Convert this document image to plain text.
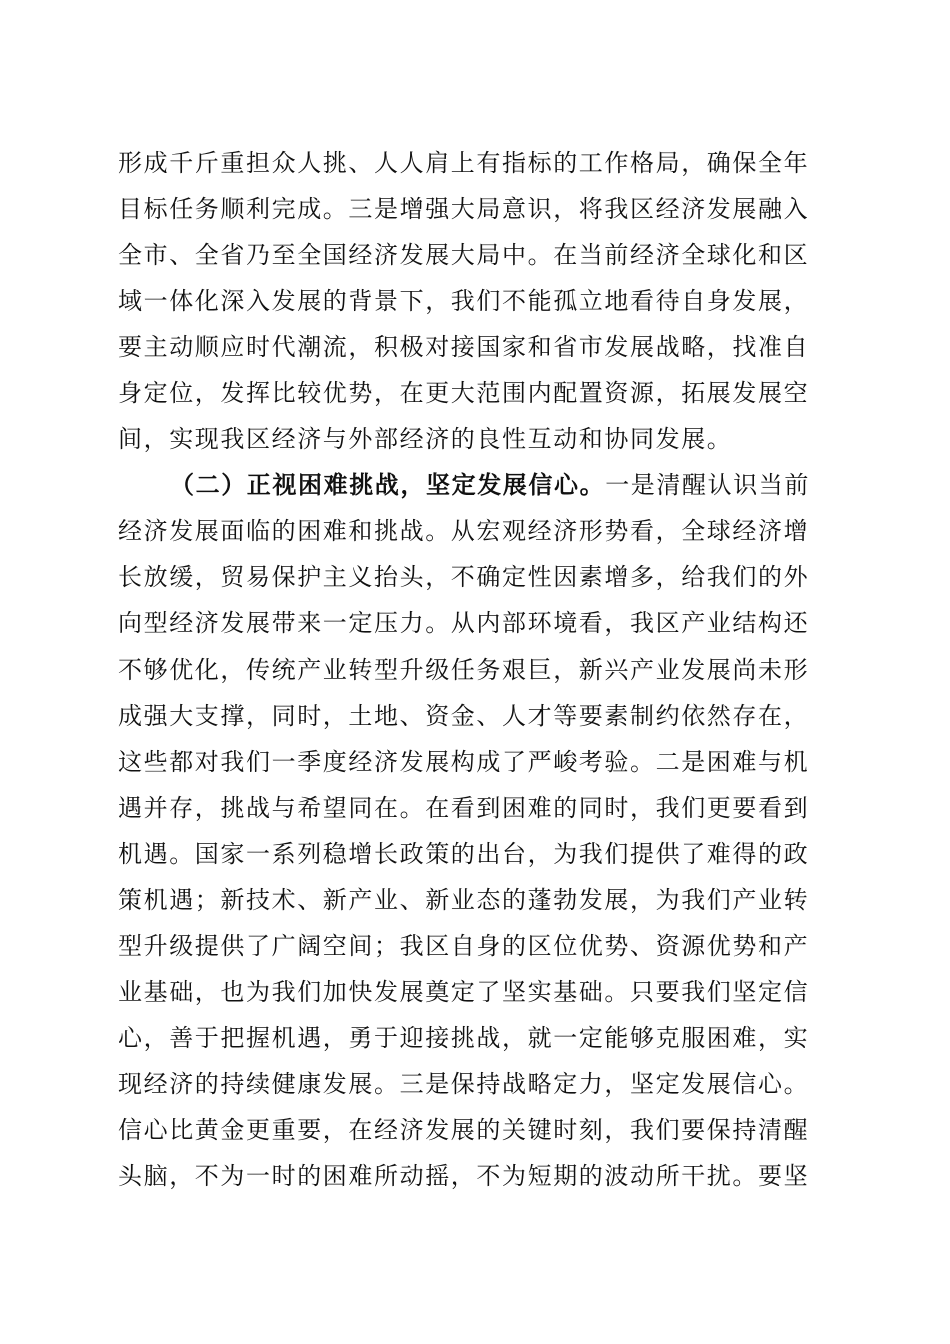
形成千斤重担众人挑、人人肩上有指标的工作格局，确保全年
目标任务顺利完成。三是增强大局意识，将我区经济发展融入
全市、全省乃至全国经济发展大局中。在当前经济全球化和区
域一体化深入发展的背景下，我们不能孤立地看待自身发展，
要主动顺应时代潮流，积极对接国家和省市发展战略，找准自
身定位，发挥比较优势，在更大范围内配置资源，拓展发展空
间，实现我区经济与外部经济的良性互动和协同发展。
（二）正视困难挑战，坚定发展信心。一是清醒认识当前
经济发展面临的困难和挑战。从宏观经济形势看，全球经济增
长放缓，贸易保护主义抬头，不确定性因素增多，给我们的外
向型经济发展带来一定压力。从内部环境看，我区产业结构还
不够优化，传统产业转型升级任务艰巨，新兴产业发展尚未形
成强大支撑，同时，土地、资金、人才等要素制约依然存在，
这些都对我们一季度经济发展构成了严峻考验。二是困难与机
遇并存，挑战与希望同在。在看到困难的同时，我们更要看到
机遇。国家一系列稳增长政策的出台，为我们提供了难得的政
策机遇；新技术、新产业、新业态的蓬勃发展，为我们产业转
型升级提供了广阔空间；我区自身的区位优势、资源优势和产
业基础，也为我们加快发展奠定了坚实基础。只要我们坚定信
心，善于把握机遇，勇于迎接挑战，就一定能够克服困难，实
现经济的持续健康发展。三是保持战略定力，坚定发展信心。
信心比黄金更重要，在经济发展的关键时刻，我们要保持清醒
头脑，不为一时的困难所动摇，不为短期的波动所干扰。要坚
